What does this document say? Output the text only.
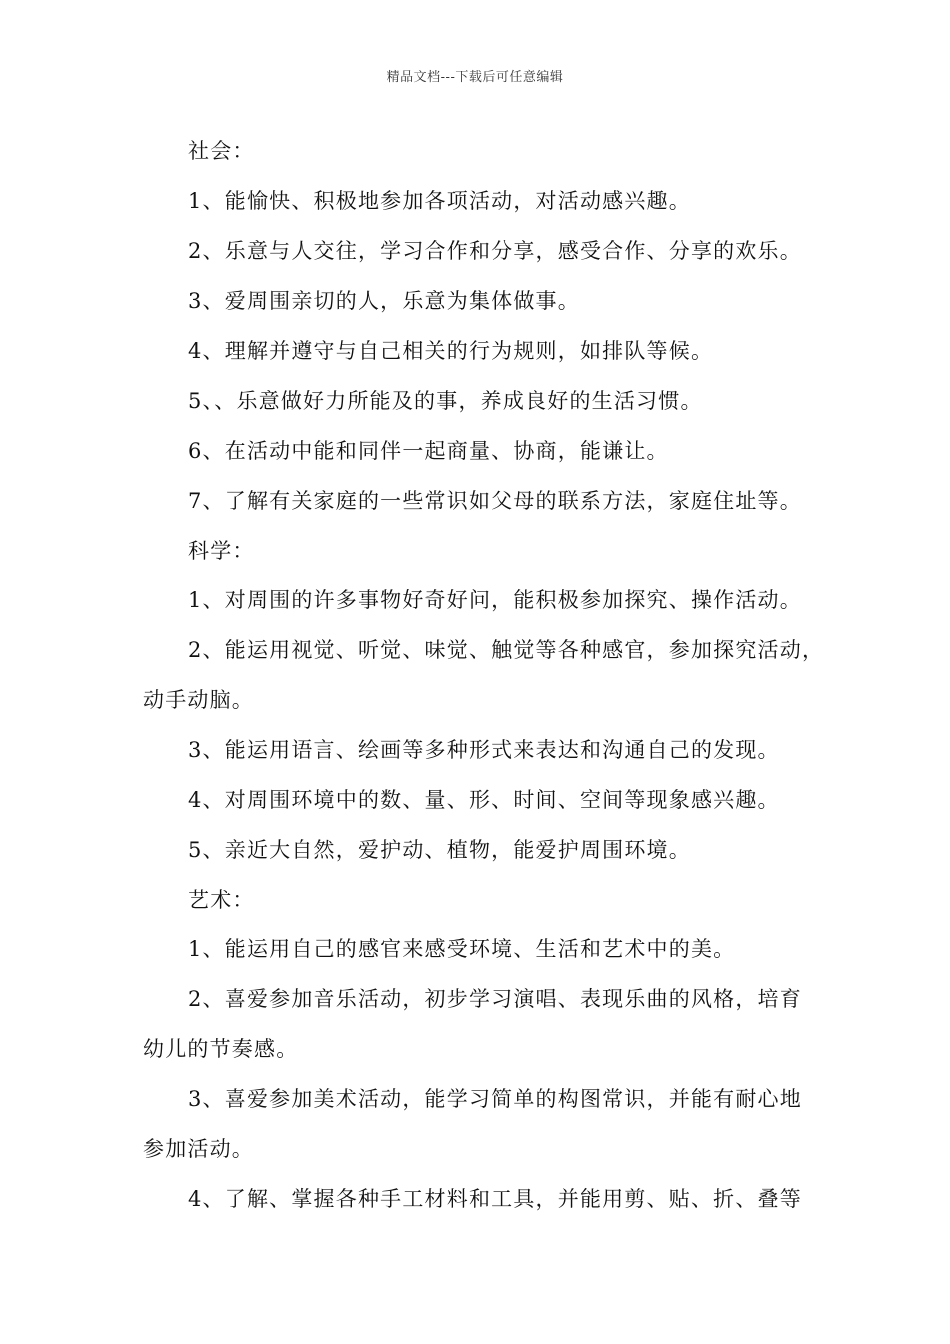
精品文档---下载后可任意编辑
社会：
1、能愉快、积极地参加各项活动，对活动感兴趣。
2、乐意与人交往，学习合作和分享，感受合作、分享的欢乐。
3、爱周围亲切的人，乐意为集体做事。
4、理解并遵守与自己相关的行为规则，如排队等候。
5、、乐意做好力所能及的事，养成良好的生活习惯。
6、在活动中能和同伴一起商量、协商，能谦让。
7、了解有关家庭的一些常识如父母的联系方法，家庭住址等。
科学：
1、对周围的许多事物好奇好问，能积极参加探究、操作活动。
2、能运用视觉、听觉、味觉、触觉等各种感官，参加探究活动，
动手动脑。
3、能运用语言、绘画等多种形式来表达和沟通自己的发现。
4、对周围环境中的数、量、形、时间、空间等现象感兴趣。
5、亲近大自然，爱护动、植物，能爱护周围环境。
艺术：
1、能运用自己的感官来感受环境、生活和艺术中的美。
2、喜爱参加音乐活动，初步学习演唱、表现乐曲的风格，培育
幼儿的节奏感。
3、喜爱参加美术活动，能学习简单的构图常识，并能有耐心地
参加活动。
4、了解、掌握各种手工材料和工具，并能用剪、贴、折、叠等
